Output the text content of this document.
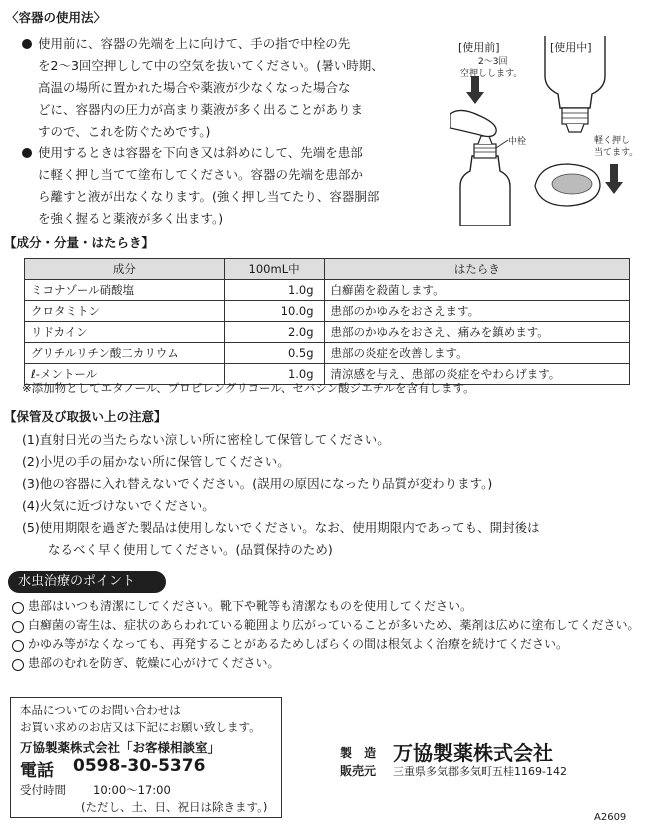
〈容器の使用法〉
使用前に、容器の先端を上に向けて、手の指で中栓の先
を2～3回空押しして中の空気を抜いてください。(暑い時期、
高温の場所に置かれた場合や薬液が少なくなった場合な
どに、容器内の圧力が高まり薬液が多く出ることがありま
すので、これを防ぐためです。)
使用するときは容器を下向き又は斜めにして、先端を患部
に軽く押し当てて塗布してください。容器の先端を患部か
ら離すと液が出なくなります。(強く押し当てたり、容器胴部
を強く握ると薬液が多く出ます。)
[使用前]	[使用中]
2～3回
空押しします。
中栓	軽く押し
当てます。
【成分・分量・はたらき】
成分	100mL中	はたらき
ミコナゾール硝酸塩	1.0g	白癬菌を殺菌します。
クロタミトン	10.0g	患部のかゆみをおさえます。
リドカイン	2.0g	患部のかゆみをおさえ、痛みを鎮めます。
グリチルリチン酸二カリウム	0.5g	患部の炎症を改善します。
ℓ-メントール	1.0g	清涼感を与え、患部の炎症をやわらげます。
※添加物としてエタノール、プロピレングリコール、セバシン酸ジエチルを含有します。
【保管及び取扱い上の注意】
(1)直射日光の当たらない涼しい所に密栓して保管してください。
(2)小児の手の届かない所に保管してください。
(3)他の容器に入れ替えないでください。(誤用の原因になったり品質が変わります。)
(4)火気に近づけないでください。
(5)使用期限を過ぎた製品は使用しないでください。なお、使用期限内であっても、開封後は
なるべく早く使用してください。(品質保持のため)
水虫治療のポイント
患部はいつも清潔にしてください。靴下や靴等も清潔なものを使用してください。
白癬菌の寄生は、症状のあらわれている範囲より広がっていることが多いため、薬剤は広めに塗布してください。
かゆみ等がなくなっても、再発することがあるためしばらくの間は根気よく治療を続けてください。
患部のむれを防ぎ、乾燥に心がけてください。
本品についてのお問い合わせは
お買い求めのお店又は下記にお願い致します。
万協製薬株式会社「お客様相談室」
電話 0598-30-5376
受付時間 10:00～17:00
(ただし、土、日、祝日は除きます。)
製 造
販売元
万協製薬株式会社
三重県多気郡多気町五桂1169-142
A2609
